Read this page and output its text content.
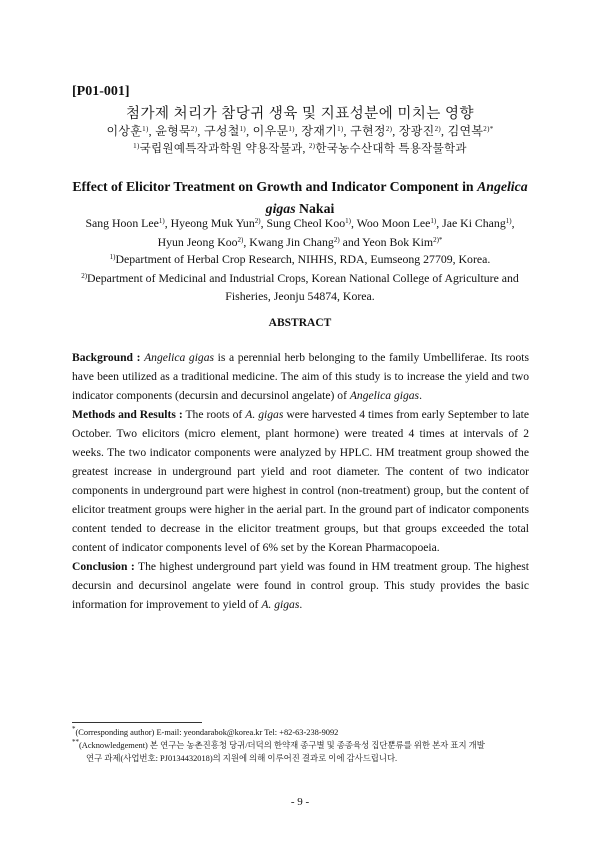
[P01-001]
첨가제 처리가 참당귀 생육 및 지표성분에 미치는 영향
이상훈$^{1)}$, 윤형묵$^{2)}$, 구성철$^{1)}$, 이우문$^{1)}$, 장재기$^{1)}$, 구현정$^{2)}$, 장광진$^{2)}$, 김연복$^{2)*}$
$^{1)}$국립원예특작과학원 약용작물과, $^{2)}$한국농수산대학 특용작물학과
Effect of Elicitor Treatment on Growth and Indicator Component in Angelica gigas Nakai
Sang Hoon Lee$^{1)}$, Hyeong Muk Yun$^{2)}$, Sung Cheol Koo$^{1)}$, Woo Moon Lee$^{1)}$, Jae Ki Chang$^{1)}$,
Hyun Jeong Koo$^{2)}$, Kwang Jin Chang$^{2)}$ and Yeon Bok Kim$^{2)*}$
$^{1)}$Department of Herbal Crop Research, NIHHS, RDA, Eumseong 27709, Korea.
$^{2)}$Department of Medicinal and Industrial Crops, Korean National College of Agriculture and Fisheries, Jeonju 54874, Korea.
ABSTRACT

Background : Angelica gigas is a perennial herb belonging to the family Umbelliferae. Its roots have been utilized as a traditional medicine. The aim of this study is to increase the yield and two indicator components (decursin and decursinol angelate) of Angelica gigas.

Methods and Results : The roots of A. gigas were harvested 4 times from early September to late October. Two elicitors (micro element, plant hormone) were treated 4 times at intervals of 2 weeks. The two indicator components were analyzed by HPLC. HM treatment group showed the greatest increase in underground part yield and root diameter. The content of two indicator components in underground part were highest in control (non-treatment) group, but the content of elicitor treatment groups were higher in the aerial part. In the ground part of indicator components content tended to decrease in the elicitor treatment groups, but that groups exceeded the total content of indicator components level of 6% set by the Korean Pharmacopoeia.

Conclusion : The highest underground part yield was found in HM treatment group. The highest decursin and decursinol angelate were found in control group. This study provides the basic information for improvement to yield of A. gigas.

*(Corresponding author) E-mail: yeondarabok@korea.kr Tel: +82-63-238-9092

**(Acknowledgement) 본 연구는 농촌진흥청 당귀/더덕의 한약재 종구별 및 종종육성 집단뿐류를 위한 본자 표지 개발

연구 과제(사업번호: PJ0134432018)의 지원에 의해 이루어진 결과로 이에 감사드립니다.

- 9 -
